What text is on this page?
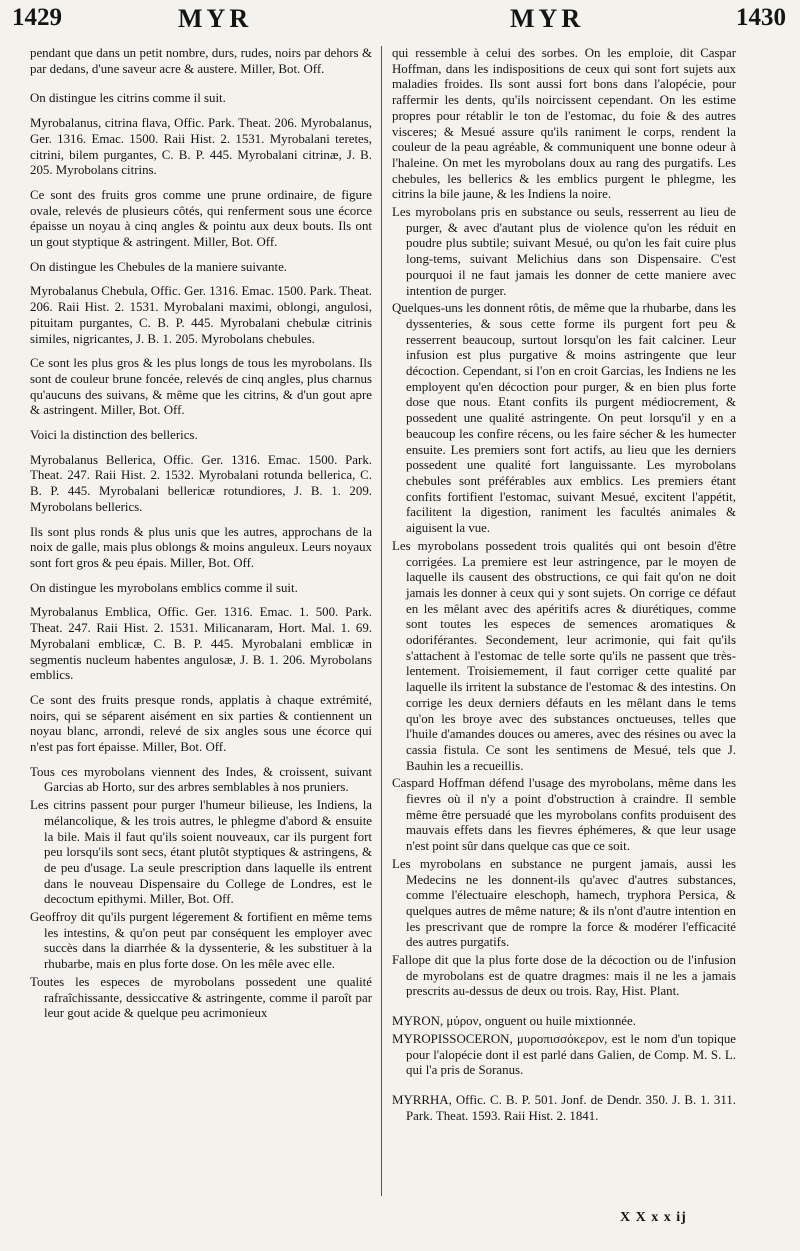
1429	MYR	MYR	1430

pendant que dans un petit nombre, durs, rudes, noirs par dehors & par dedans, d'une saveur acre & austere. Miller, Bot. Off.

On distingue les citrins comme il suit.

Myrobalanus, citrina flava, Offic. Park. Theat. 206. Myrobalanus, Ger. 1316. Emac. 1500. Raii Hist. 2. 1531. Myrobalani teretes, citrini, bilem purgantes, C. B. P. 445. Myrobalani citrinæ, J. B. 205. Myrobolans citrins.

Ce sont des fruits gros comme une prune ordinaire, de figure ovale, relevés de plusieurs côtés, qui renferment sous une écorce épaisse un noyau à cinq angles & pointu aux deux bouts. Ils ont un gout styptique & astringent. Miller, Bot. Off.

On distingue les Chebules de la maniere suivante.

Myrobalanus Chebula, Offic. Ger. 1316. Emac. 1500. Park. Theat. 206. Raii Hist. 2. 1531. Myrobalani maximi, oblongi, angulosi, pituitam purgantes, C. B. P. 445. Myrobalani chebulæ citrinis similes, nigricantes, J. B. 1. 205. Myrobolans chebules.

Ce sont les plus gros & les plus longs de tous les myrobolans. Ils sont de couleur brune foncée, relevés de cinq angles, plus charnus qu'aucuns des suivans, & même que les citrins, & d'un gout apre & astringent. Miller, Bot. Off.

Voici la distinction des bellerics.

Myrobalanus Bellerica, Offic. Ger. 1316. Emac. 1500. Park. Theat. 247. Raii Hist. 2. 1532. Myrobalani rotunda bellerica, C. B. P. 445. Myrobalani bellericæ rotundiores, J. B. 1. 209. Myrobolans bellerics.

Ils sont plus ronds & plus unis que les autres, approchans de la noix de galle, mais plus oblongs & moins anguleux. Leurs noyaux sont fort gros & peu épais. Miller, Bot. Off.

On distingue les myrobolans emblics comme il suit.

Myrobalanus Emblica, Offic. Ger. 1316. Emac. 1. 500. Park. Theat. 247. Raii Hist. 2. 1531. Milicanaram, Hort. Mal. 1. 69. Myrobalani emblicæ, C. B. P. 445. Myrobalani emblicæ in segmentis nucleum habentes angulosæ, J. B. 1. 206. Myrobolans emblics.

Ce sont des fruits presque ronds, applatis à chaque extrémité, noirs, qui se séparent aisément en six parties & contiennent un noyau blanc, arrondi, relevé de six angles sous une écorce qui n'est pas fort épaisse. Miller, Bot. Off.

Tous ces myrobolans viennent des Indes, & croissent, suivant Garcias ab Horto, sur des arbres semblables à nos pruniers.

Les citrins passent pour purger l'humeur bilieuse, les Indiens, la mélancolique, & les trois autres, le phlegme d'abord & ensuite la bile. Mais il faut qu'ils soient nouveaux, car ils purgent fort peu lorsqu'ils sont secs, étant plutôt styptiques & astringens, & de peu d'usage. La seule prescription dans laquelle ils entrent dans le nouveau Dispensaire du College de Londres, est le decoctum epithymi. Miller, Bot. Off.

Geoffroy dit qu'ils purgent légerement & fortifient en même tems les intestins, & qu'on peut par conséquent les employer avec succès dans la diarrhée & la dyssenterie, & les substituer à la rhubarbe, mais en plus forte dose. On les mêle avec elle.

Toutes les especes de myrobolans possedent une qualité rafraîchissante, dessiccative & astringente, comme il paroît par leur gout acide & quelque peu acrimonieux

qui ressemble à celui des sorbes. On les emploie, dit Caspar Hoffman, dans les indispositions de ceux qui sont fort sujets aux maladies froides. Ils sont aussi fort bons dans l'alopécie, pour raffermir les dents, qu'ils noircissent cependant. On les estime propres pour rétablir le ton de l'estomac, du foie & des autres visceres; & Mesué assure qu'ils raniment le corps, rendent la couleur de la peau agréable, & communiquent une bonne odeur à l'haleine. On met les myrobolans doux au rang des purgatifs. Les chebules, les bellerics & les emblics purgent le phlegme, les citrins la bile jaune, & les Indiens la noire.

Les myrobolans pris en substance ou seuls, resserrent au lieu de purger, & avec d'autant plus de violence qu'on les réduit en poudre plus subtile; suivant Mesué, ou qu'on les fait cuire plus long-tems, suivant Melichius dans son Dispensaire. C'est pourquoi il ne faut jamais les donner de cette maniere avec intention de purger.

Quelques-uns les donnent rôtis, de même que la rhubarbe, dans les dyssenteries, & sous cette forme ils purgent fort peu & resserrent beaucoup, surtout lorsqu'on les fait calciner. Leur infusion est plus purgative & moins astringente que leur décoction. Cependant, si l'on en croit Garcias, les Indiens ne les employent qu'en décoction pour purger, & en bien plus forte dose que nous. Etant confits ils purgent médiocrement, & possedent une qualité astringente. On peut lorsqu'il y en a beaucoup les confire récens, ou les faire sécher & les humecter ensuite. Les premiers sont fort actifs, au lieu que les derniers possedent une qualité fort languissante. Les myrobolans chebules sont préférables aux emblics. Les premiers étant confits fortifient l'estomac, suivant Mesué, excitent l'appétit, facilitent la digestion, raniment les facultés animales & aiguisent la vue.

Les myrobolans possedent trois qualités qui ont besoin d'être corrigées. La premiere est leur astringence, par le moyen de laquelle ils causent des obstructions, ce qui fait qu'on ne doit jamais les donner à ceux qui y sont sujets. On corrige ce défaut en les mêlant avec des apéritifs acres & diurétiques, comme sont toutes les especes de semences aromatiques & odoriférantes. Secondement, leur acrimonie, qui fait qu'ils s'attachent à l'estomac de telle sorte qu'ils ne passent que très-lentement. Troisiemement, il faut corriger cette qualité par laquelle ils irritent la substance de l'estomac & des intestins. On corrige les deux derniers défauts en les mêlant dans le tems qu'on les broye avec des substances onctueuses, telles que l'huile d'amandes douces ou ameres, avec des résines ou avec la cassia fistula. Ce sont les sentimens de Mesué, tels que J. Bauhin les a recueillis.

Caspard Hoffman défend l'usage des myrobolans, même dans les fievres où il n'y a point d'obstruction à craindre. Il semble même être persuadé que les myrobolans confits produisent des mauvais effets dans les fievres éphémeres, & que leur usage n'est point sûr dans quelque cas que ce soit.

Les myrobolans en substance ne purgent jamais, aussi les Medecins ne les donnent-ils qu'avec d'autres substances, comme l'électuaire eleschoph, hamech, tryphora Persica, & quelques autres de même nature; & ils n'ont d'autre intention en les prescrivant que de rompre la force & modérer l'efficacité des autres purgatifs.

Fallope dit que la plus forte dose de la décoction ou de l'infusion de myrobolans est de quatre dragmes: mais il ne les a jamais prescrits au-dessus de deux ou trois. Ray, Hist. Plant.

MYRON, μύρον, onguent ou huile mixtionnée.

MYROPISSOCERON, μυροπισσόκερον, est le nom d'un topique pour l'alopécie dont il est parlé dans Galien, de Comp. M. S. L. qui l'a pris de Soranus.

MYRRHA, Offic. C. B. P. 501. Jonf. de Dendr. 350. J. B. 1. 311. Park. Theat. 1593. Raii Hist. 2. 1841.

X X x x ij
